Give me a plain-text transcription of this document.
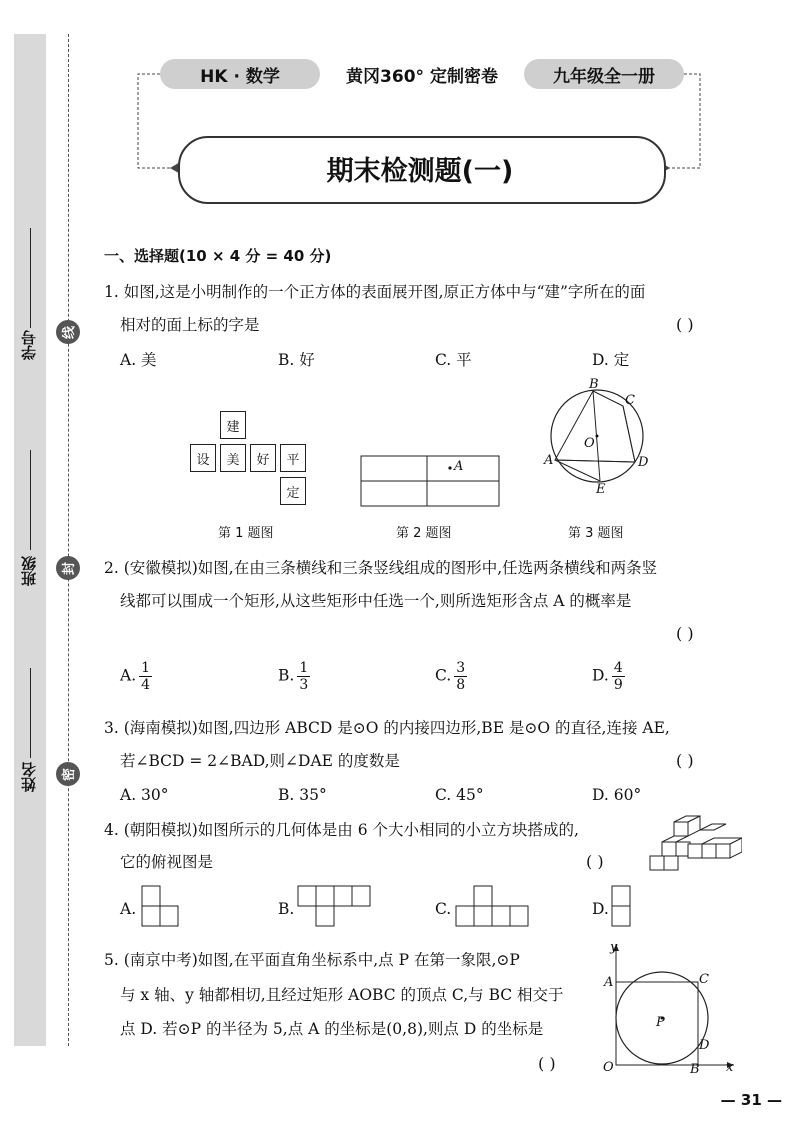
学号
班级
姓名
线
封
密
HK · 数学	黄冈360° 定制密卷	九年级全一册
期末检测题(一)
一、选择题(10 × 4 分 = 40 分)
1. 如图,这是小明制作的一个正方体的表面展开图,原正方体中与“建”字所在的面
相对的面上标的字是	( )
A. 美	B. 好	C. 平	D. 定
建
设	美	好	平
定
A
B
C
O
A	D
E
第 1 题图	第 2 题图	第 3 题图
2. (安徽模拟)如图,在由三条横线和三条竖线组成的图形中,任选两条横线和两条竖
线都可以围成一个矩形,从这些矩形中任选一个,则所选矩形含点 A 的概率是
( )
A. $\frac{1}{4}$	B. $\frac{1}{3}$	C. $\frac{3}{8}$	D. $\frac{4}{9}$
3. (海南模拟)如图,四边形 ABCD 是⊙O 的内接四边形,BE 是⊙O 的直径,连接 AE,
若∠BCD = 2∠BAD,则∠DAE 的度数是	( )
A. 30°	B. 35°	C. 45°	D. 60°
4. (朝阳模拟)如图所示的几何体是由 6 个大小相同的小立方块搭成的,
它的俯视图是	( )
A.	B.	C.	D.
5. (南京中考)如图,在平面直角坐标系中,点 P 在第一象限,⊙P
与 x 轴、y 轴都相切,且经过矩形 AOBC 的顶点 C,与 BC 相交于
点 D. 若⊙P 的半径为 5,点 A 的坐标是(0,8),则点 D 的坐标是
( )
y
A	C
P
D
O	B x
— 31 —
